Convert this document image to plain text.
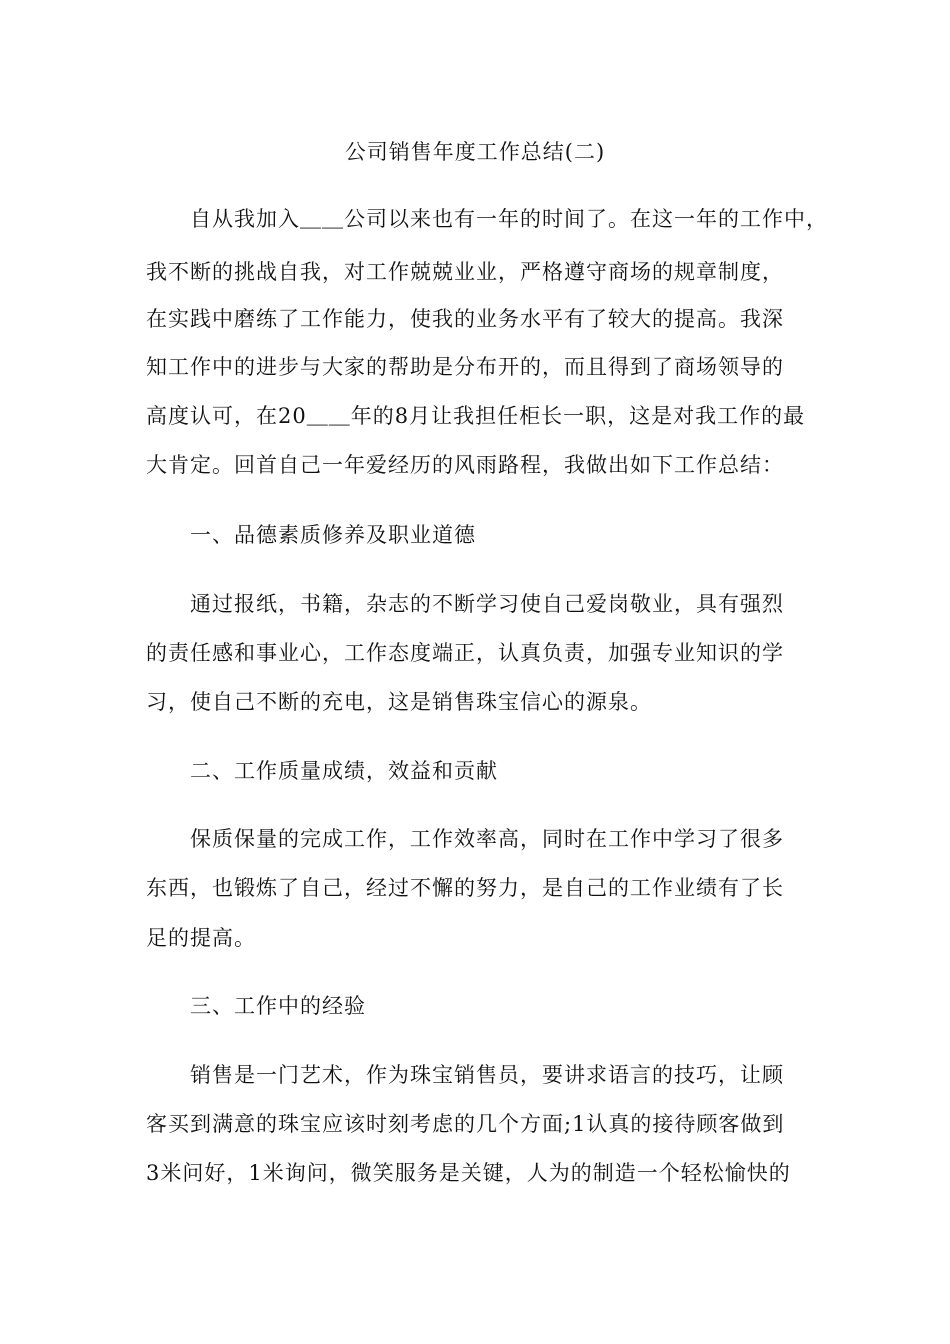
公司销售年度工作总结(二)
自从我加入＿＿公司以来也有一年的时间了。在这一年的工作中，
我不断的挑战自我，对工作兢兢业业，严格遵守商场的规章制度，
在实践中磨练了工作能力，使我的业务水平有了较大的提高。我深
知工作中的进步与大家的帮助是分布开的，而且得到了商场领导的
高度认可，在20＿＿年的8月让我担任柜长一职，这是对我工作的最
大肯定。回首自己一年爱经历的风雨路程，我做出如下工作总结：
一、品德素质修养及职业道德
通过报纸，书籍，杂志的不断学习使自己爱岗敬业，具有强烈
的责任感和事业心，工作态度端正，认真负责，加强专业知识的学
习，使自己不断的充电，这是销售珠宝信心的源泉。
二、工作质量成绩，效益和贡献
保质保量的完成工作，工作效率高，同时在工作中学习了很多
东西，也锻炼了自己，经过不懈的努力，是自己的工作业绩有了长
足的提高。
三、工作中的经验
销售是一门艺术，作为珠宝销售员，要讲求语言的技巧，让顾
客买到满意的珠宝应该时刻考虑的几个方面;1认真的接待顾客做到
3米问好，1米询问，微笑服务是关键，人为的制造一个轻松愉快的
